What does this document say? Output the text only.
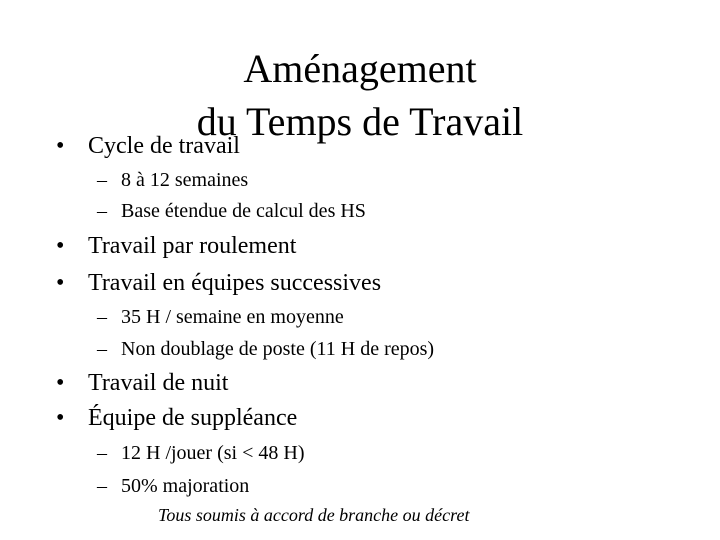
Aménagement
du Temps de Travail
• Cycle de travail
– 8 à 12 semaines
– Base étendue de calcul des HS
• Travail par roulement
• Travail en équipes successives
– 35 H / semaine en moyenne
– Non doublage de poste (11 H de repos)
• Travail de nuit
• Équipe de suppléance
– 12 H /jouer (si < 48 H)
– 50% majoration
Tous soumis à accord de branche ou décret
